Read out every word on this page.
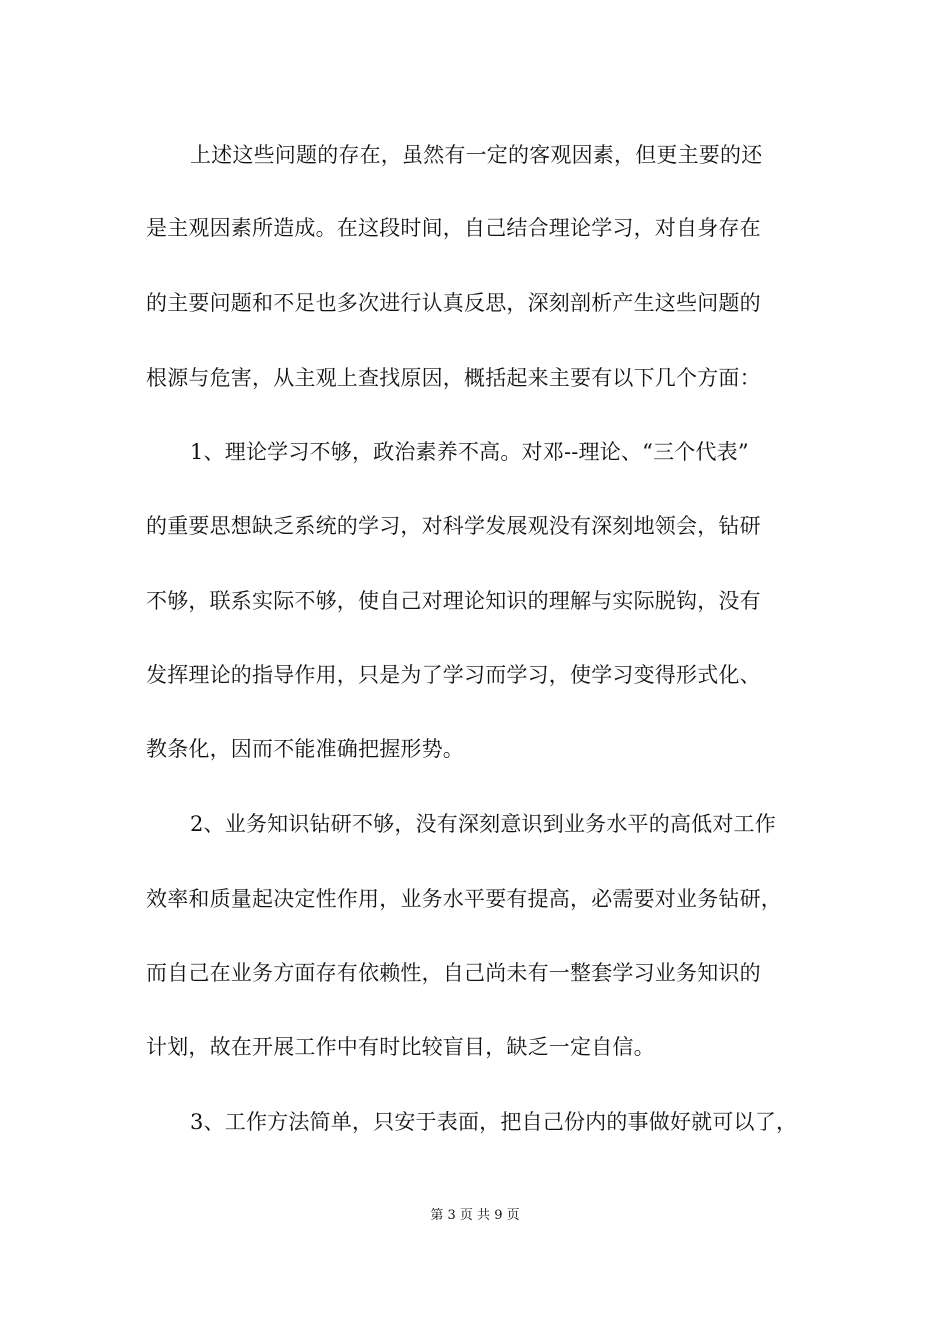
上述这些问题的存在，虽然有一定的客观因素，但更主要的还
是主观因素所造成。在这段时间，自己结合理论学习，对自身存在
的主要问题和不足也多次进行认真反思，深刻剖析产生这些问题的
根源与危害，从主观上查找原因，概括起来主要有以下几个方面：
1、理论学习不够，政治素养不高。对邓--理论、“三个代表”
的重要思想缺乏系统的学习，对科学发展观没有深刻地领会，钻研
不够，联系实际不够，使自己对理论知识的理解与实际脱钩，没有
发挥理论的指导作用，只是为了学习而学习，使学习变得形式化、
教条化，因而不能准确把握形势。
2、业务知识钻研不够，没有深刻意识到业务水平的高低对工作
效率和质量起决定性作用，业务水平要有提高，必需要对业务钻研，
而自己在业务方面存有依赖性，自己尚未有一整套学习业务知识的
计划，故在开展工作中有时比较盲目，缺乏一定自信。
3、工作方法简单，只安于表面，把自己份内的事做好就可以了，
第 3 页 共 9 页
